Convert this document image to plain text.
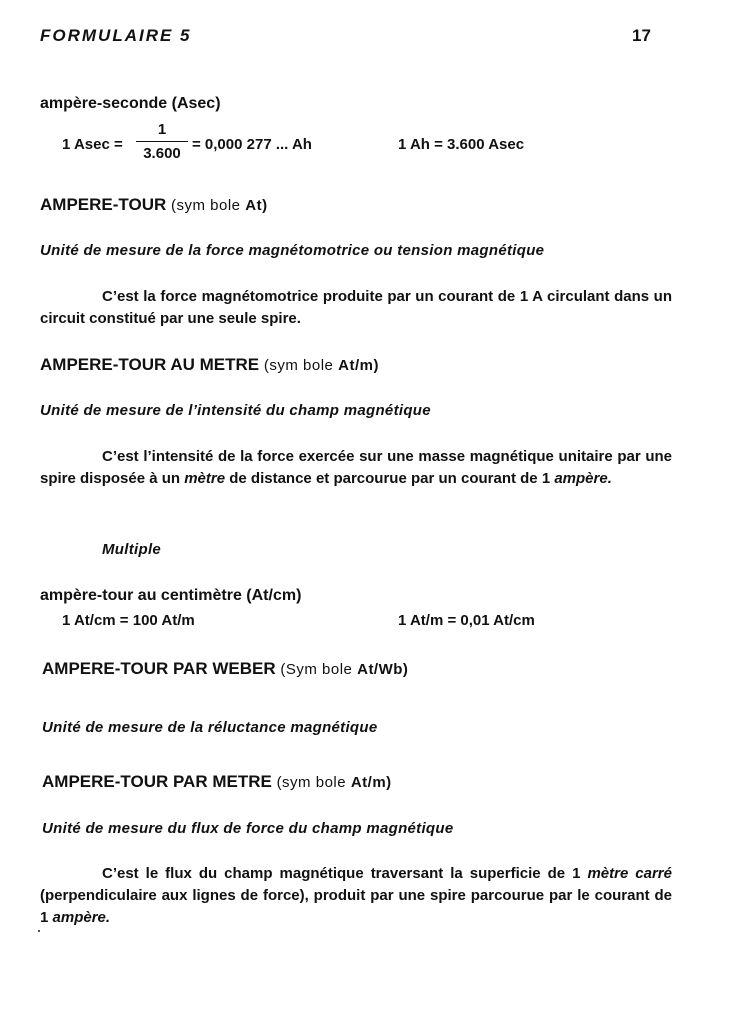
FORMULAIRE 5	17
ampère-seconde (Asec)
1 Asec =
1
3.600
= 0,000 277 ... Ah	1 Ah = 3.600 Asec
AMPERE-TOUR (sym bole At)
Unité de mesure de la force magnétomotrice ou tension magnétique
C’est la force magnétomotrice produite par un courant de 1 A circulant dans un circuit constitué par une seule spire.
AMPERE-TOUR AU METRE (sym bole At/m)
Unité de mesure de l’intensité du champ magnétique
C’est l’intensité de la force exercée sur une masse magnétique unitaire par une spire disposée à un mètre de distance et parcourue par un courant de 1 ampère.
Multiple
ampère-tour au centimètre (At/cm)
1 At/cm = 100 At/m	1 At/m = 0,01 At/cm
AMPERE-TOUR PAR WEBER (Sym bole At/Wb)
Unité de mesure de la réluctance magnétique
AMPERE-TOUR PAR METRE (sym bole At/m)
Unité de mesure du flux de force du champ magnétique
C’est le flux du champ magnétique traversant la superficie de 1 mètre carré (perpendiculaire aux lignes de force), produit par une spire parcourue par le courant de 1 ampère.
